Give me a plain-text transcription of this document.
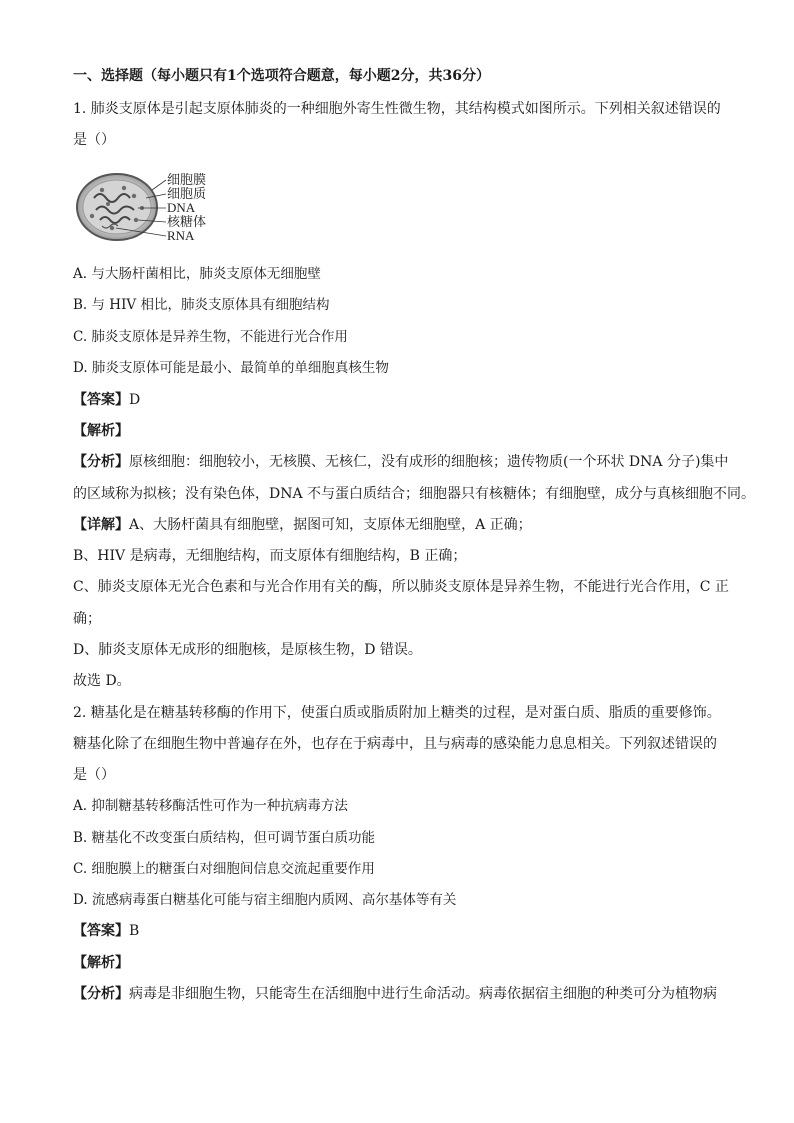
一、选择题（每小题只有1个选项符合题意，每小题2分，共36分）
1. 肺炎支原体是引起支原体肺炎的一种细胞外寄生性微生物，其结构模式如图所示。下列相关叙述错误的
是（）
细胞膜
细胞质
DNA
核糖体
RNA
A. 与大肠杆菌相比，肺炎支原体无细胞壁
B. 与 HIV 相比，肺炎支原体具有细胞结构
C. 肺炎支原体是异养生物，不能进行光合作用
D. 肺炎支原体可能是最小、最简单的单细胞真核生物
【答案】D
【解析】
【分析】原核细胞：细胞较小，无核膜、无核仁，没有成形的细胞核；遗传物质(一个环状 DNA 分子)集中
的区域称为拟核；没有染色体，DNA 不与蛋白质结合；细胞器只有核糖体；有细胞壁，成分与真核细胞不同。
【详解】A、大肠杆菌具有细胞壁，据图可知，支原体无细胞壁，A 正确；
B、HIV 是病毒，无细胞结构，而支原体有细胞结构，B 正确；
C、肺炎支原体无光合色素和与光合作用有关的酶，所以肺炎支原体是异养生物，不能进行光合作用，C 正
确；
D、肺炎支原体无成形的细胞核，是原核生物，D 错误。
故选 D。
2. 糖基化是在糖基转移酶的作用下，使蛋白质或脂质附加上糖类的过程，是对蛋白质、脂质的重要修饰。
糖基化除了在细胞生物中普遍存在外，也存在于病毒中，且与病毒的感染能力息息相关。下列叙述错误的
是（）
A. 抑制糖基转移酶活性可作为一种抗病毒方法
B. 糖基化不改变蛋白质结构，但可调节蛋白质功能
C. 细胞膜上的糖蛋白对细胞间信息交流起重要作用
D. 流感病毒蛋白糖基化可能与宿主细胞内质网、高尔基体等有关
【答案】B
【解析】
【分析】病毒是非细胞生物，只能寄生在活细胞中进行生命活动。病毒依据宿主细胞的种类可分为植物病
